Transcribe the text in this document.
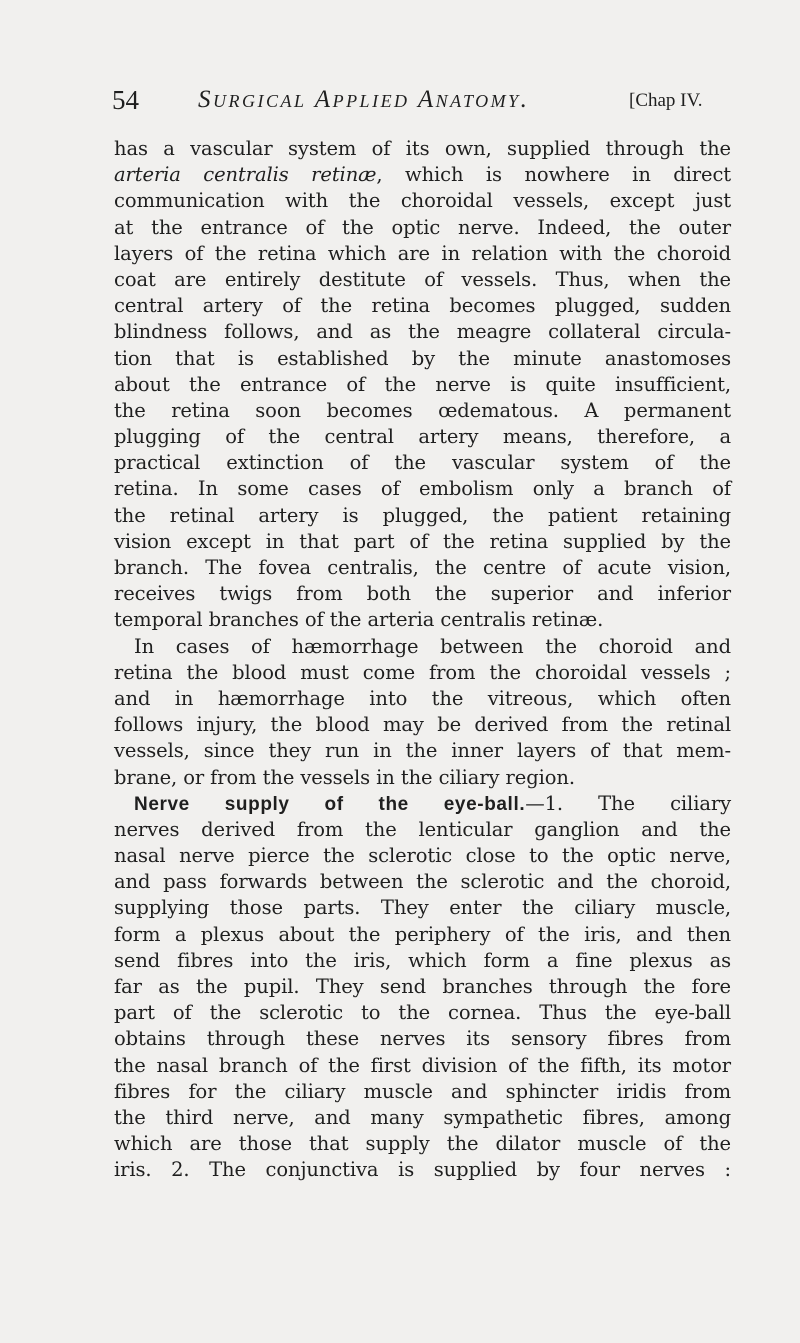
54 Surgical Applied Anatomy.	[Chap IV.
has a vascular system of its own, supplied through the
arteria centralis retinæ, which is nowhere in direct
communication with the choroidal vessels, except just
at the entrance of the optic nerve. Indeed, the outer
layers of the retina which are in relation with the choroid
coat are entirely destitute of vessels. Thus, when the
central artery of the retina becomes plugged, sudden
blindness follows, and as the meagre collateral circula-
tion that is established by the minute anastomoses
about the entrance of the nerve is quite insufficient,
the retina soon becomes œdematous. A permanent
plugging of the central artery means, therefore, a
practical extinction of the vascular system of the
retina. In some cases of embolism only a branch of
the retinal artery is plugged, the patient retaining
vision except in that part of the retina supplied by the
branch. The fovea centralis, the centre of acute vision,
receives twigs from both the superior and inferior
temporal branches of the arteria centralis retinæ.
In cases of hæmorrhage between the choroid and
retina the blood must come from the choroidal vessels ;
and in hæmorrhage into the vitreous, which often
follows injury, the blood may be derived from the retinal
vessels, since they run in the inner layers of that mem-
brane, or from the vessels in the ciliary region.
Nerve supply of the eye-ball.—1. The ciliary
nerves derived from the lenticular ganglion and the
nasal nerve pierce the sclerotic close to the optic nerve,
and pass forwards between the sclerotic and the choroid,
supplying those parts. They enter the ciliary muscle,
form a plexus about the periphery of the iris, and then
send fibres into the iris, which form a fine plexus as
far as the pupil. They send branches through the fore
part of the sclerotic to the cornea. Thus the eye-ball
obtains through these nerves its sensory fibres from
the nasal branch of the first division of the fifth, its motor
fibres for the ciliary muscle and sphincter iridis from
the third nerve, and many sympathetic fibres, among
which are those that supply the dilator muscle of the
iris. 2. The conjunctiva is supplied by four nerves :
